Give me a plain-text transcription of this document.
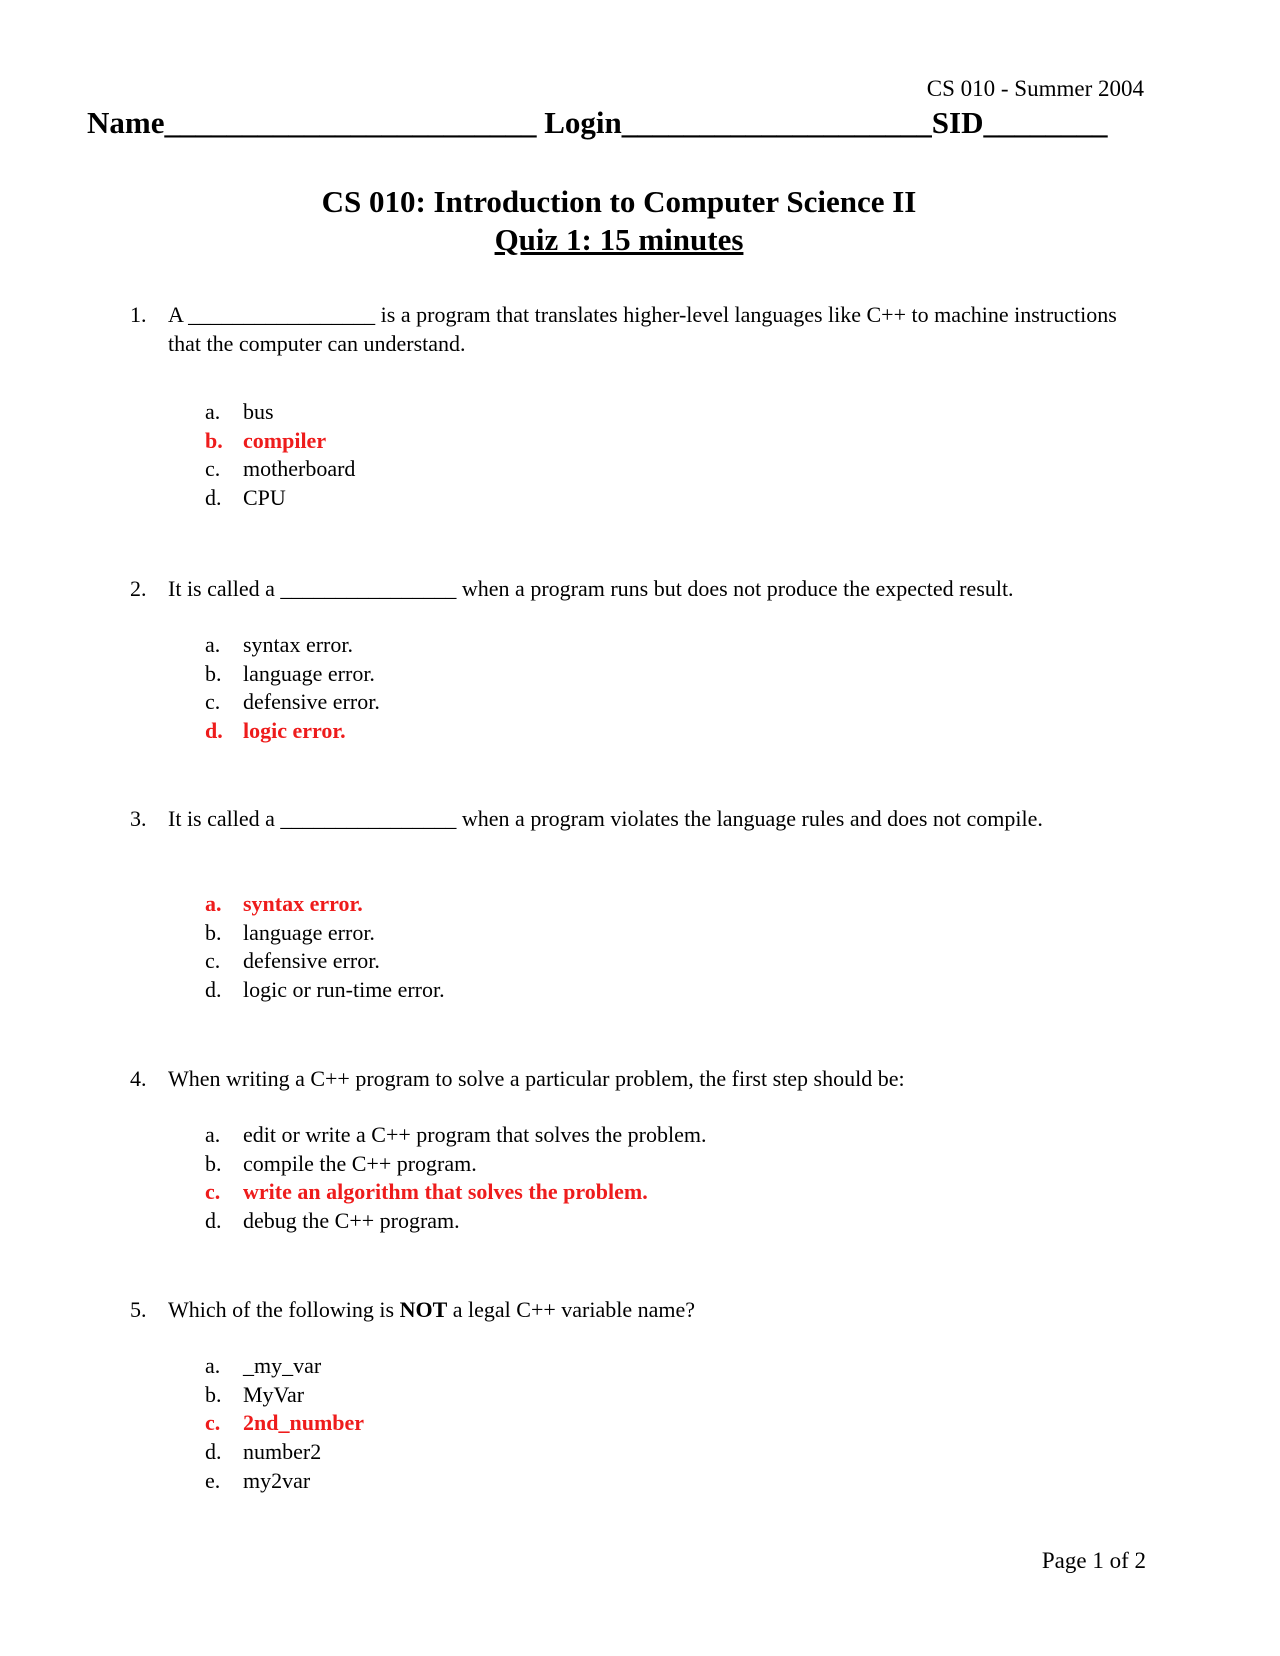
CS 010 - Summer 2004
Name________________________ Login____________________SID________
CS 010: Introduction to Computer Science II
Quiz 1: 15 minutes
1. A _________________ is a program that translates higher-level languages like C++ to machine instructions that the computer can understand.
a. bus
b. compiler
c. motherboard
d. CPU
2. It is called a ________________ when a program runs but does not produce the expected result.
a. syntax error.
b. language error.
c. defensive error.
d. logic error.
3. It is called a ________________ when a program violates the language rules and does not compile.
a. syntax error.
b. language error.
c. defensive error.
d. logic or run-time error.
4. When writing a C++ program to solve a particular problem, the first step should be:
a. edit or write a C++ program that solves the problem.
b. compile the C++ program.
c. write an algorithm that solves the problem.
d. debug the C++ program.
5. Which of the following is NOT a legal C++ variable name?
a. _my_var
b. MyVar
c. 2nd_number
d. number2
e. my2var
Page 1 of 2
